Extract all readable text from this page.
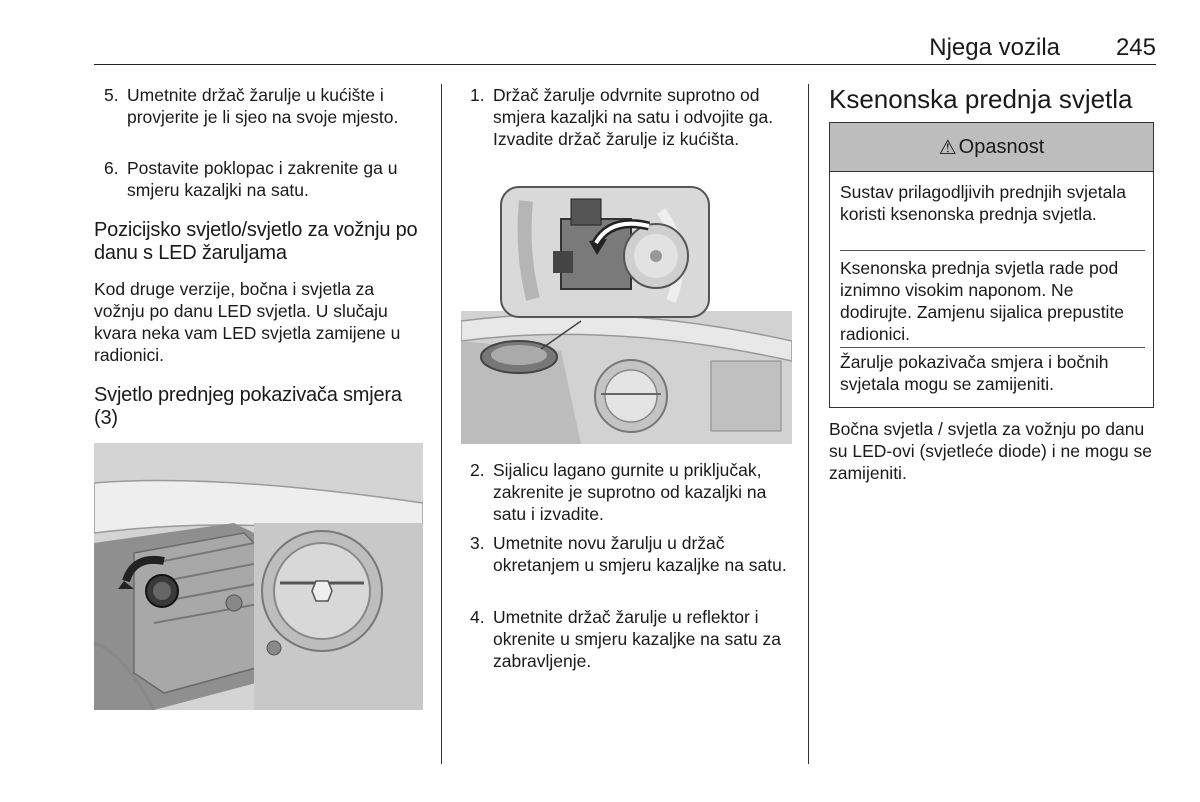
Njega vozila	245
5. Umetnite držač žarulje u kućište i provjerite je li sjeo na svoje mjesto.
6. Postavite poklopac i zakrenite ga u smjeru kazaljki na satu.
Pozicijsko svjetlo/svjetlo za vožnju po danu s LED žaruljama
Kod druge verzije, bočna i svjetla za vožnju po danu LED svjetla. U slučaju kvara neka vam LED svjetla zamijene u radionici.
Svjetlo prednjeg pokazivača smjera (3)
1. Držač žarulje odvrnite suprotno od smjera kazaljki na satu i odvojite ga. Izvadite držač žarulje iz kućišta.
2. Sijalicu lagano gurnite u priključak, zakrenite je suprotno od kazaljki na satu i izvadite.
3. Umetnite novu žarulju u držač okretanjem u smjeru kazaljke na satu.
4. Umetnite držač žarulje u reflektor i okrenite u smjeru kazaljke na satu za zabravljenje.
Ksenonska prednja svjetla
⚠ Opasnost
Sustav prilagodljivih prednjih svjetala koristi ksenonska prednja svjetla.
Ksenonska prednja svjetla rade pod iznimno visokim naponom. Ne dodirujte. Zamjenu sijalica prepustite radionici.
Žarulje pokazivača smjera i bočnih svjetala mogu se zamijeniti.
Bočna svjetla / svjetla za vožnju po danu su LED-ovi (svjetleće diode) i ne mogu se zamijeniti.
